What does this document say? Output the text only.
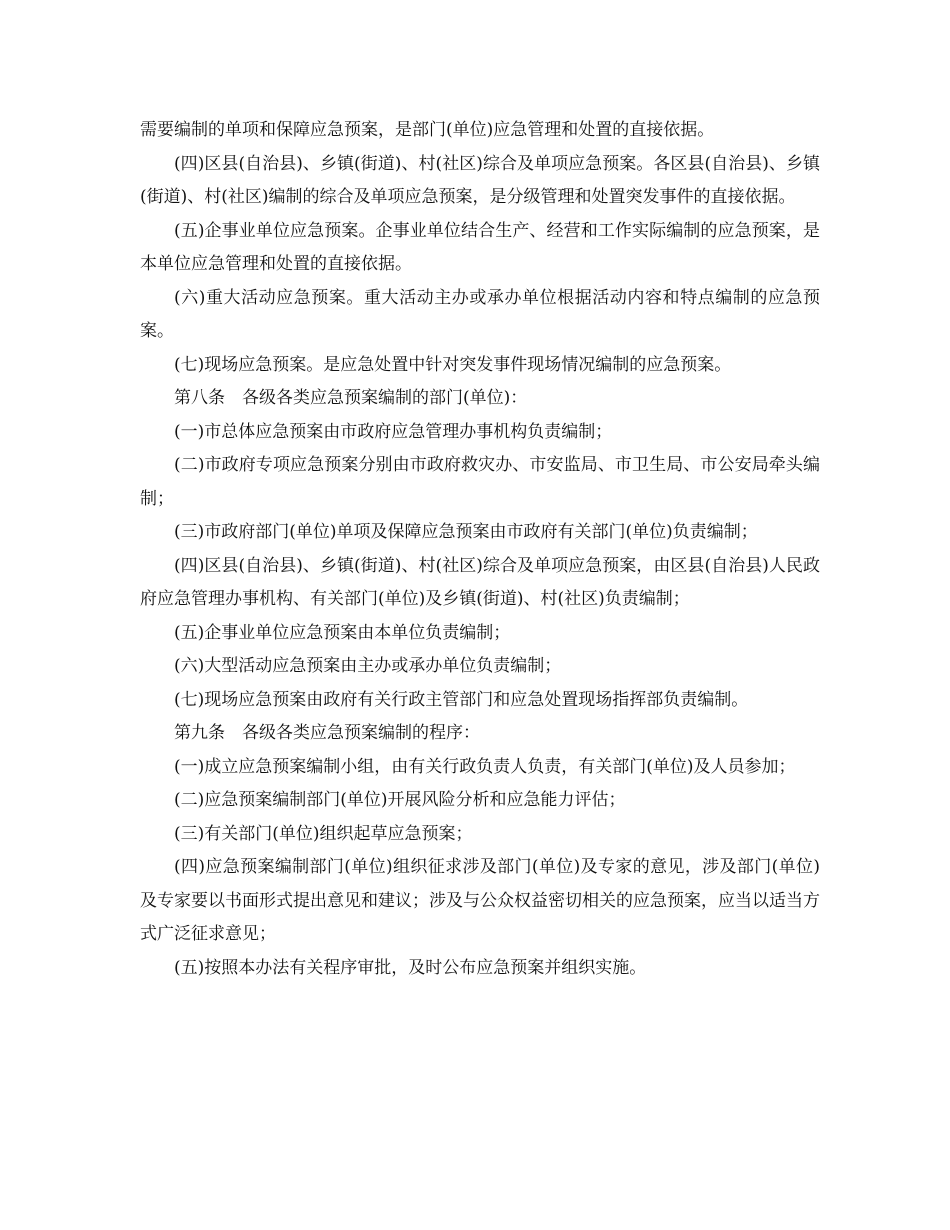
需要编制的单项和保障应急预案，是部门(单位)应急管理和处置的直接依据。

(四)区县(自治县)、乡镇(街道)、村(社区)综合及单项应急预案。各区县(自治县)、乡镇(街道)、村(社区)编制的综合及单项应急预案，是分级管理和处置突发事件的直接依据。

(五)企事业单位应急预案。企事业单位结合生产、经营和工作实际编制的应急预案，是本单位应急管理和处置的直接依据。

(六)重大活动应急预案。重大活动主办或承办单位根据活动内容和特点编制的应急预案。

(七)现场应急预案。是应急处置中针对突发事件现场情况编制的应急预案。

第八条　各级各类应急预案编制的部门(单位)：

(一)市总体应急预案由市政府应急管理办事机构负责编制；

(二)市政府专项应急预案分别由市政府救灾办、市安监局、市卫生局、市公安局牵头编制；

(三)市政府部门(单位)单项及保障应急预案由市政府有关部门(单位)负责编制；

(四)区县(自治县)、乡镇(街道)、村(社区)综合及单项应急预案，由区县(自治县)人民政府应急管理办事机构、有关部门(单位)及乡镇(街道)、村(社区)负责编制；

(五)企事业单位应急预案由本单位负责编制；

(六)大型活动应急预案由主办或承办单位负责编制；

(七)现场应急预案由政府有关行政主管部门和应急处置现场指挥部负责编制。

第九条　各级各类应急预案编制的程序：

(一)成立应急预案编制小组，由有关行政负责人负责，有关部门(单位)及人员参加；

(二)应急预案编制部门(单位)开展风险分析和应急能力评估；

(三)有关部门(单位)组织起草应急预案；

(四)应急预案编制部门(单位)组织征求涉及部门(单位)及专家的意见，涉及部门(单位)及专家要以书面形式提出意见和建议；涉及与公众权益密切相关的应急预案，应当以适当方式广泛征求意见；

(五)按照本办法有关程序审批，及时公布应急预案并组织实施。
